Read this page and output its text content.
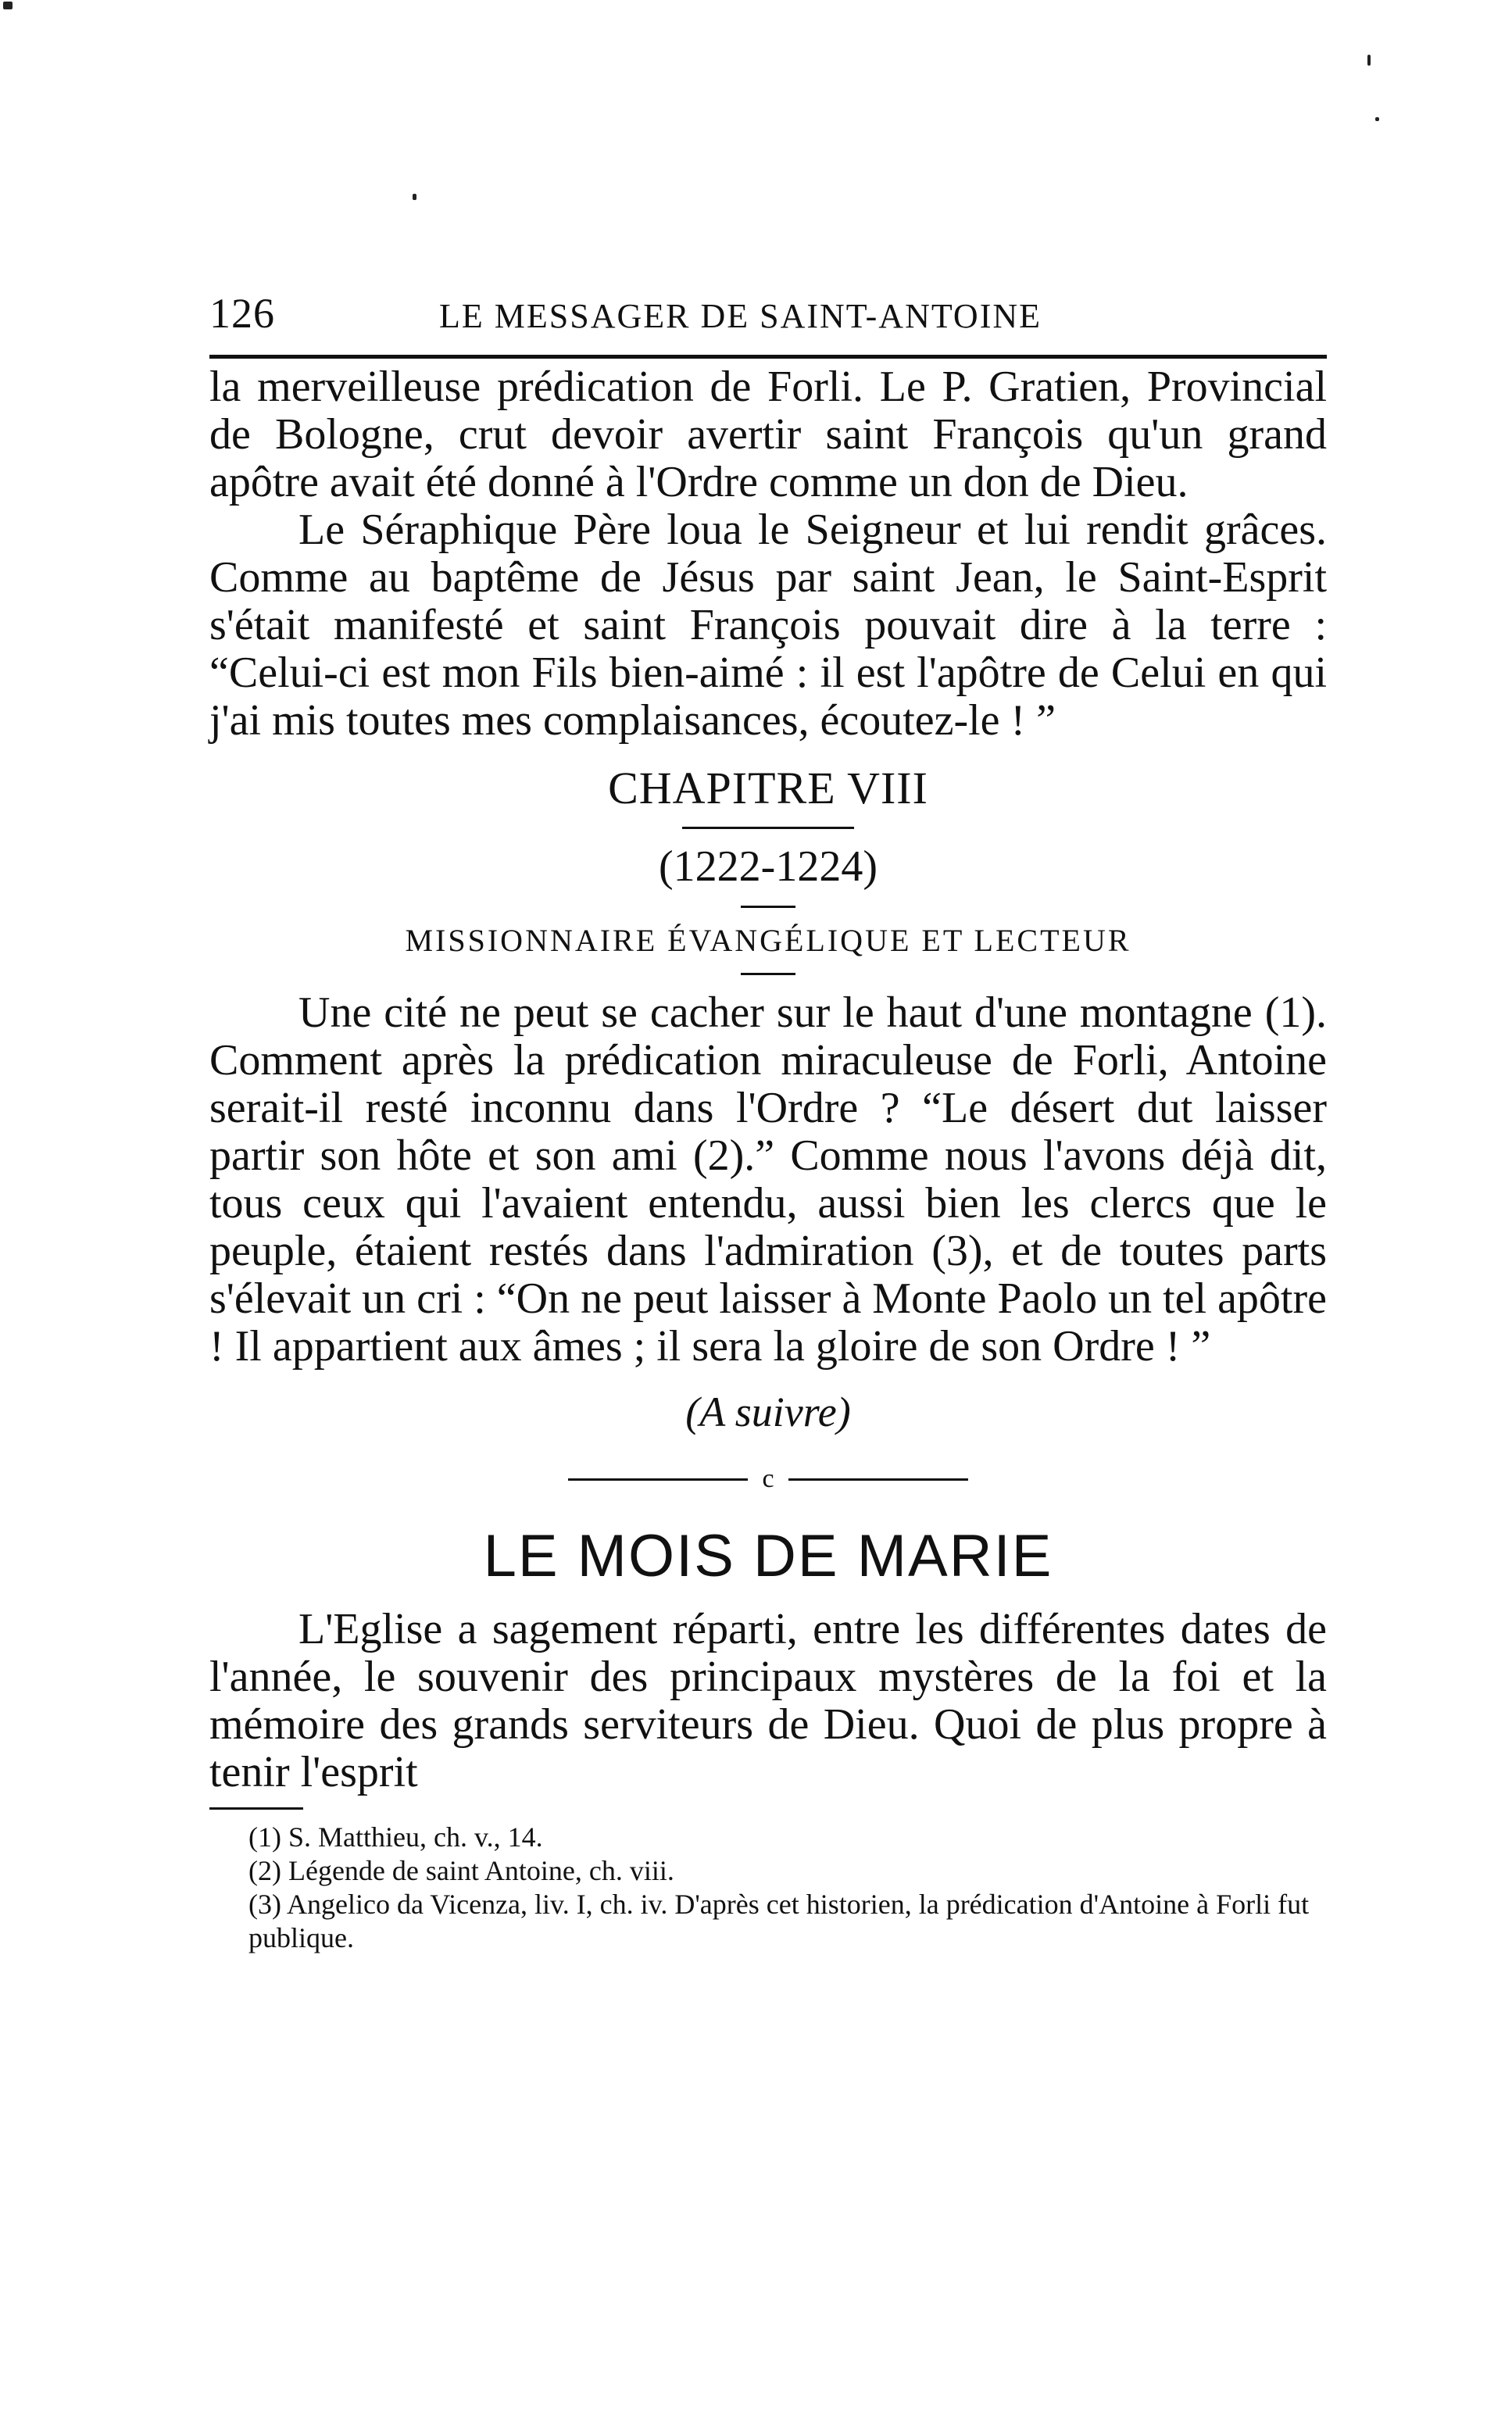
126	LE MESSAGER DE SAINT-ANTOINE

la merveilleuse prédication de Forli. Le P. Gratien, Provincial de Bologne, crut devoir avertir saint François qu'un grand apôtre avait été donné à l'Ordre comme un don de Dieu.

Le Séraphique Père loua le Seigneur et lui rendit grâces. Comme au baptême de Jésus par saint Jean, le Saint-Esprit s'était manifesté et saint François pouvait dire à la terre : “Celui-ci est mon Fils bien-aimé : il est l'apôtre de Celui en qui j'ai mis toutes mes complaisances, écoutez-le ! ”

CHAPITRE VIII
(1222-1224)
MISSIONNAIRE ÉVANGÉLIQUE ET LECTEUR

Une cité ne peut se cacher sur le haut d'une montagne (1). Comment après la prédication miraculeuse de Forli, Antoine serait-il resté inconnu dans l'Ordre ? “Le désert dut laisser partir son hôte et son ami (2).” Comme nous l'avons déjà dit, tous ceux qui l'avaient entendu, aussi bien les clercs que le peuple, étaient restés dans l'admiration (3), et de toutes parts s'élevait un cri : “On ne peut laisser à Monte Paolo un tel apôtre ! Il appartient aux âmes ; il sera la gloire de son Ordre ! ”

(A suivre)
c
LE MOIS DE MARIE

L'Eglise a sagement réparti, entre les différentes dates de l'année, le souvenir des principaux mystères de la foi et la mémoire des grands serviteurs de Dieu. Quoi de plus propre à tenir l'esprit

(1) S. Matthieu, ch. v., 14.

(2) Légende de saint Antoine, ch. viii.

(3) Angelico da Vicenza, liv. I, ch. iv. D'après cet historien, la prédication d'Antoine à Forli fut publique.
